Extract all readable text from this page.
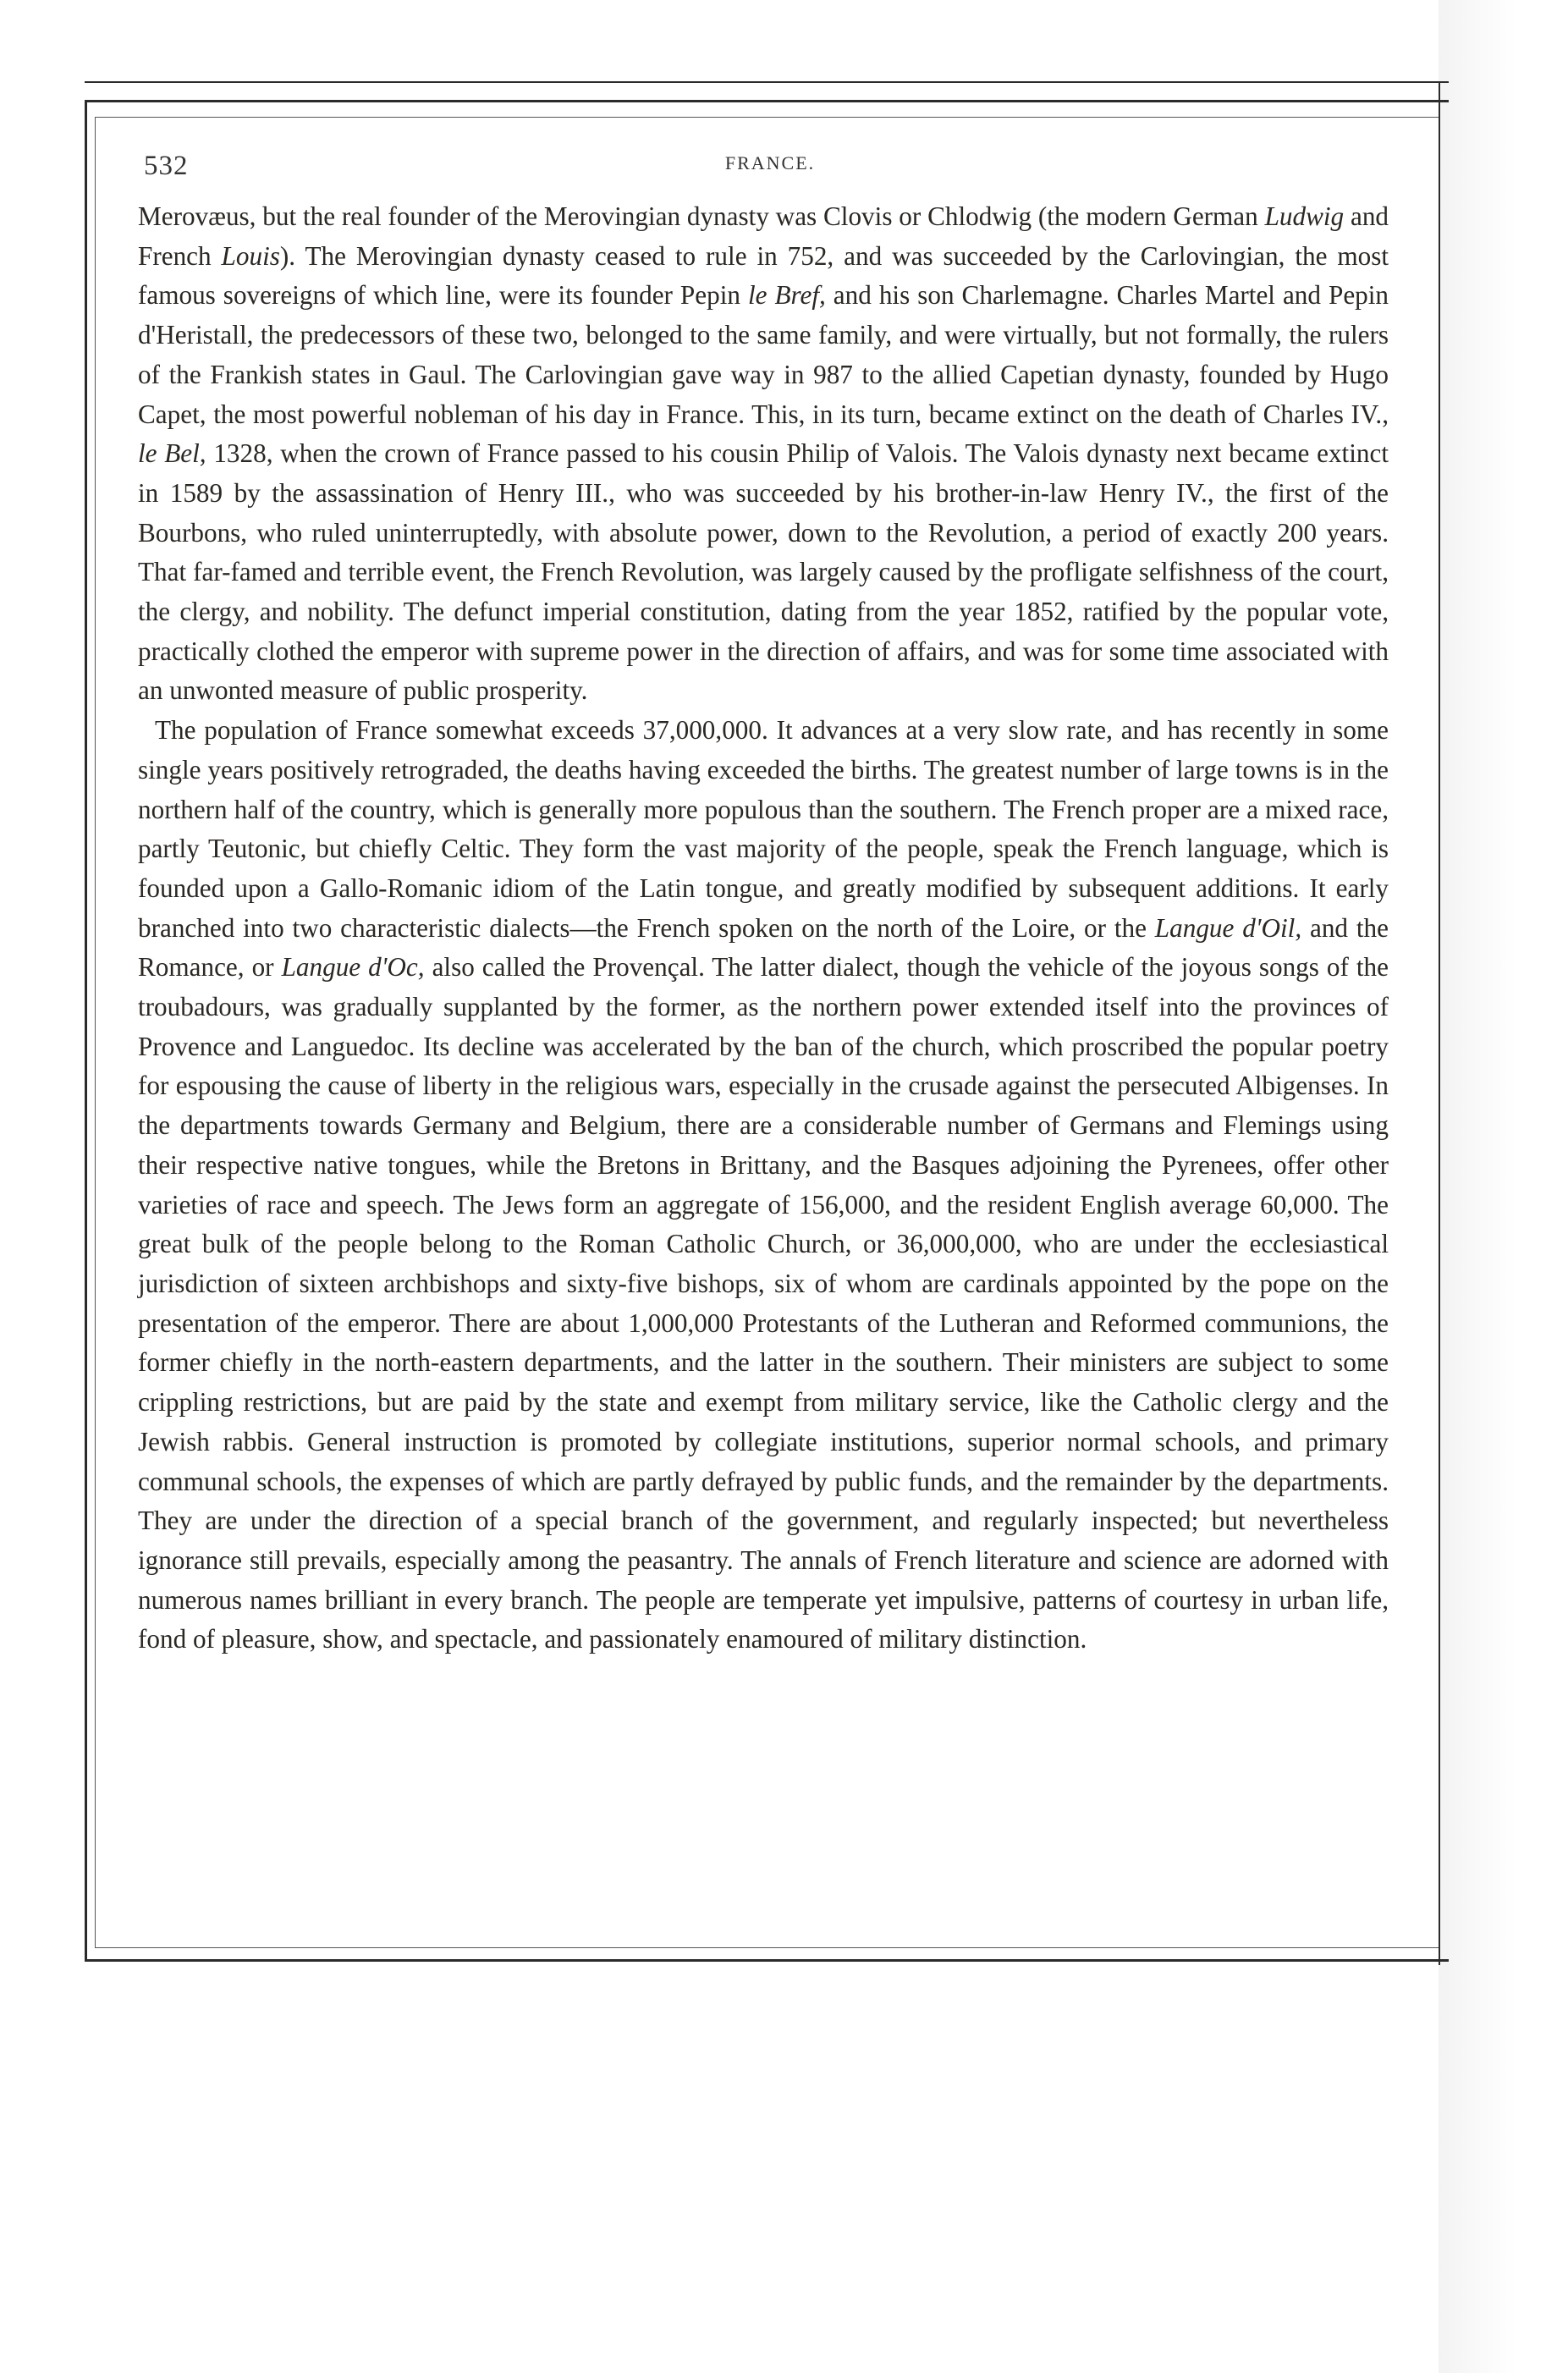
532	FRANCE.

Merovæus, but the real founder of the Merovingian dynasty was Clovis or Chlodwig (the modern German Ludwig and French Louis). The Merovingian dynasty ceased to rule in 752, and was succeeded by the Carlovingian, the most famous sovereigns of which line, were its founder Pepin le Bref, and his son Charlemagne. Charles Martel and Pepin d'Heristall, the predecessors of these two, belonged to the same family, and were virtually, but not formally, the rulers of the Frankish states in Gaul. The Carlovingian gave way in 987 to the allied Capetian dynasty, founded by Hugo Capet, the most powerful nobleman of his day in France. This, in its turn, became extinct on the death of Charles IV., le Bel, 1328, when the crown of France passed to his cousin Philip of Valois. The Valois dynasty next became extinct in 1589 by the assassination of Henry III., who was succeeded by his brother-in-law Henry IV., the first of the Bourbons, who ruled uninterruptedly, with absolute power, down to the Revolution, a period of exactly 200 years. That far-famed and terrible event, the French Revolution, was largely caused by the profligate selfishness of the court, the clergy, and nobility. The defunct imperial constitution, dating from the year 1852, ratified by the popular vote, practically clothed the emperor with supreme power in the direction of affairs, and was for some time associated with an unwonted measure of public prosperity.

The population of France somewhat exceeds 37,000,000. It advances at a very slow rate, and has recently in some single years positively retrograded, the deaths having exceeded the births. The greatest number of large towns is in the northern half of the country, which is generally more populous than the southern. The French proper are a mixed race, partly Teutonic, but chiefly Celtic. They form the vast majority of the people, speak the French language, which is founded upon a Gallo-Romanic idiom of the Latin tongue, and greatly modified by subsequent additions. It early branched into two characteristic dialects—the French spoken on the north of the Loire, or the Langue d'Oil, and the Romance, or Langue d'Oc, also called the Provençal. The latter dialect, though the vehicle of the joyous songs of the troubadours, was gradually supplanted by the former, as the northern power extended itself into the provinces of Provence and Languedoc. Its decline was accelerated by the ban of the church, which proscribed the popular poetry for espousing the cause of liberty in the religious wars, especially in the crusade against the persecuted Albigenses. In the departments towards Germany and Belgium, there are a considerable number of Germans and Flemings using their respective native tongues, while the Bretons in Brittany, and the Basques adjoining the Pyrenees, offer other varieties of race and speech. The Jews form an aggregate of 156,000, and the resident English average 60,000. The great bulk of the people belong to the Roman Catholic Church, or 36,000,000, who are under the ecclesiastical jurisdiction of sixteen archbishops and sixty-five bishops, six of whom are cardinals appointed by the pope on the presentation of the emperor. There are about 1,000,000 Protestants of the Lutheran and Reformed communions, the former chiefly in the north-eastern departments, and the latter in the southern. Their ministers are subject to some crippling restrictions, but are paid by the state and exempt from military service, like the Catholic clergy and the Jewish rabbis. General instruction is promoted by collegiate institutions, superior normal schools, and primary communal schools, the expenses of which are partly defrayed by public funds, and the remainder by the departments. They are under the direction of a special branch of the government, and regularly inspected; but nevertheless ignorance still prevails, especially among the peasantry. The annals of French literature and science are adorned with numerous names brilliant in every branch. The people are temperate yet impulsive, patterns of courtesy in urban life, fond of pleasure, show, and spectacle, and passionately enamoured of military distinction.
